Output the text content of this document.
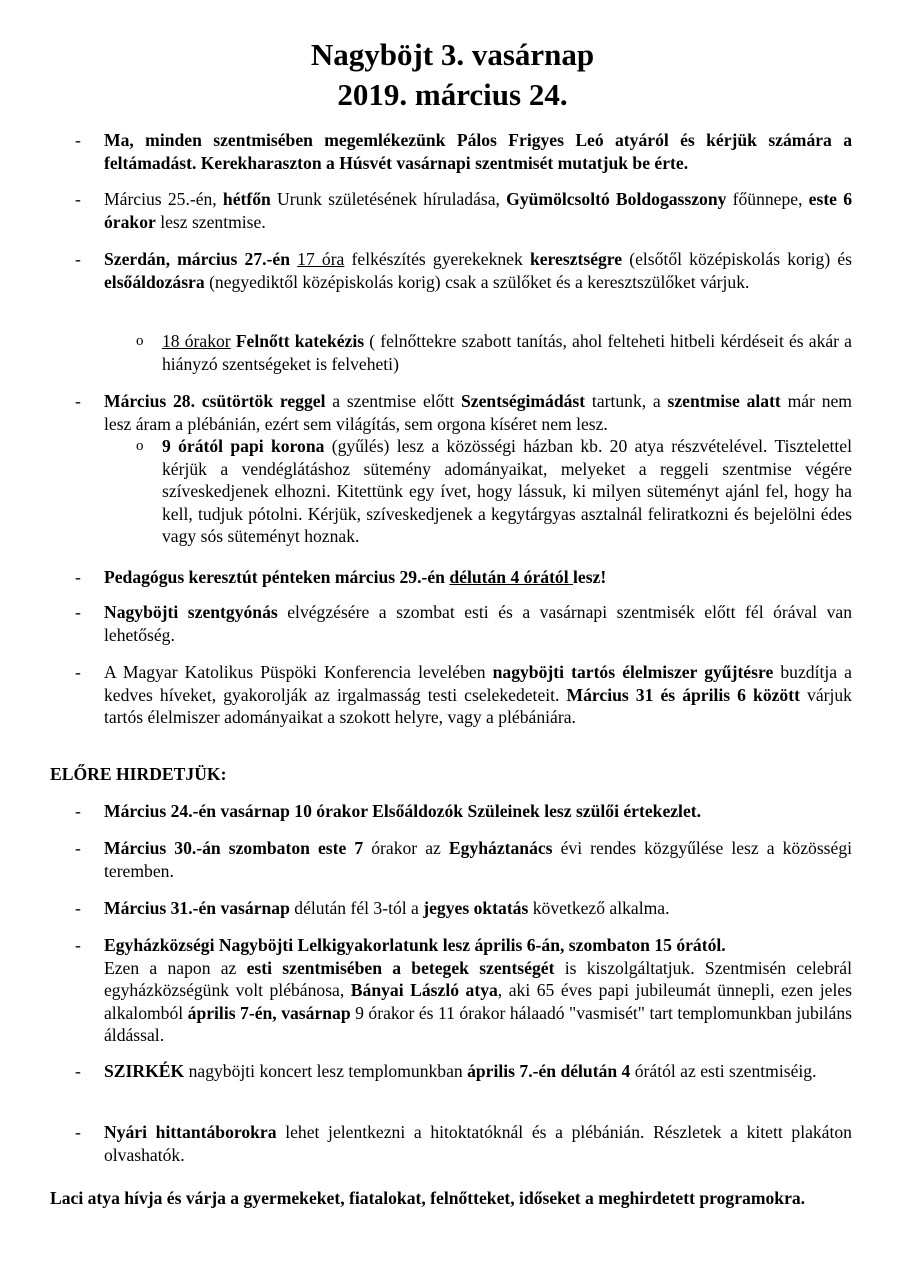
Nagyböjt 3. vasárnap
2019. március 24.
- Ma, minden szentmisében megemlékezünk Pálos Frigyes Leó atyáról és kérjük számára a feltámadást. Kerekharaszton a Húsvét vasárnapi szentmisét mutatjuk be érte.
- Március 25.-én, hétfőn Urunk születésének híruladása, Gyümölcsoltó Boldogasszony főünnepe, este 6 órakor lesz szentmise.
- Szerdán, március 27.-én 17 óra felkészítés gyerekeknek keresztségre (elsőtől középiskolás korig) és elsőáldozásra (negyediktől középiskolás korig) csak a szülőket és a keresztszülőket várjuk.
o 18 órakor Felnőtt katekézis ( felnőttekre szabott tanítás, ahol felteheti hitbeli kérdéseit és akár a hiányzó szentségeket is felveheti)
- Március 28. csütörtök reggel a szentmise előtt Szentségimádást tartunk, a szentmise alatt már nem lesz áram a plébánián, ezért sem világítás, sem orgona kíséret nem lesz.
o 9 órától papi korona (gyűlés) lesz a közösségi házban kb. 20 atya részvételével. Tisztelettel kérjük a vendéglátáshoz sütemény adományaikat, melyeket a reggeli szentmise végére szíveskedjenek elhozni. Kitettünk egy ívet, hogy lássuk, ki milyen süteményt ajánl fel, hogy ha kell, tudjuk pótolni. Kérjük, szíveskedjenek a kegytárgyas asztalnál feliratkozni és bejelölni édes vagy sós süteményt hoznak.
- Pedagógus keresztút pénteken március 29.-én délután 4 órától lesz!
- Nagyböjti szentgyónás elvégzésére a szombat esti és a vasárnapi szentmisék előtt fél órával van lehetőség.
- A Magyar Katolikus Püspöki Konferencia levelében nagyböjti tartós élelmiszer gyűjtésre buzdítja a kedves híveket, gyakorolják az irgalmasság testi cselekedeteit. Március 31 és április 6 között várjuk tartós élelmiszer adományaikat a szokott helyre, vagy a plébániára.
ELŐRE HIRDETJÜK:
- Március 24.-én vasárnap 10 órakor Elsőáldozók Szüleinek lesz szülői értekezlet.
- Március 30.-án szombaton este 7 órakor az Egyháztanács évi rendes közgyűlése lesz a közösségi teremben.
- Március 31.-én vasárnap délután fél 3-tól a jegyes oktatás következő alkalma.
- Egyházközségi Nagyböjti Lelkigyakorlatunk lesz április 6-án, szombaton 15 órától.
Ezen a napon az esti szentmisében a betegek szentségét is kiszolgáltatjuk. Szentmisén celebrál egyházközségünk volt plébánosa, Bányai László atya, aki 65 éves papi jubileumát ünnepli, ezen jeles alkalomból április 7-én, vasárnap 9 órakor és 11 órakor hálaadó "vasmisét" tart templomunkban jubiláns áldással.
- SZIRKÉK nagyböjti koncert lesz templomunkban április 7.-én délután 4 órától az esti szentmiséig.
- Nyári hittantáborokra lehet jelentkezni a hitoktatóknál és a plébánián. Részletek a kitett plakáton olvashatók.
Laci atya hívja és várja a gyermekeket, fiatalokat, felnőtteket, időseket a meghirdetett programokra.
